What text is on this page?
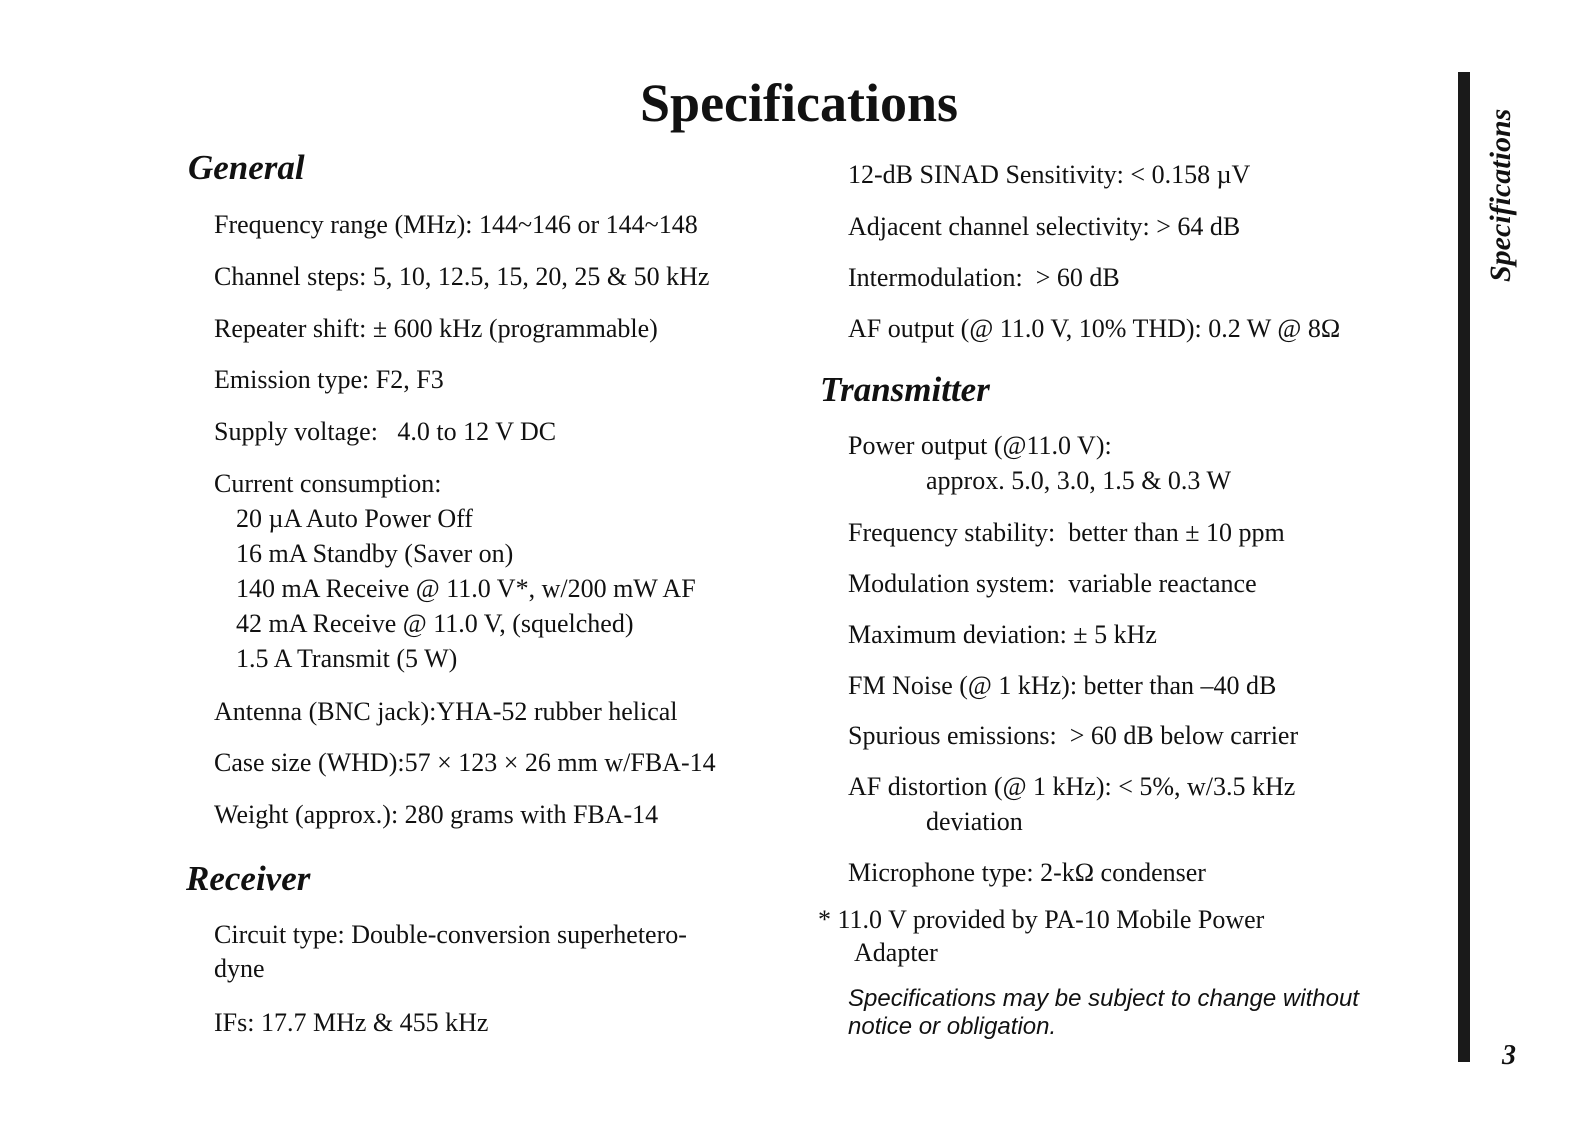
Specifications
General
Frequency range (MHz): 144~146 or 144~148
Channel steps: 5, 10, 12.5, 15, 20, 25 & 50 kHz
Repeater shift: ± 600 kHz (programmable)
Emission type: F2, F3
Supply voltage:   4.0 to 12 V DC
Current consumption:
20 µA Auto Power Off
16 mA Standby (Saver on)
140 mA Receive @ 11.0 V*, w/200 mW AF
42 mA Receive @ 11.0 V, (squelched)
1.5 A Transmit (5 W)
Antenna (BNC jack):YHA-52 rubber helical
Case size (WHD):57 × 123 × 26 mm w/FBA-14
Weight (approx.): 280 grams with FBA-14
Receiver
Circuit type: Double-conversion superhetero-
dyne
IFs: 17.7 MHz & 455 kHz
12-dB SINAD Sensitivity: < 0.158 µV
Adjacent channel selectivity: > 64 dB
Intermodulation:  > 60 dB
AF output (@ 11.0 V, 10% THD): 0.2 W @ 8Ω
Transmitter
Power output (@11.0 V):
approx. 5.0, 3.0, 1.5 & 0.3 W
Frequency stability:  better than ± 10 ppm
Modulation system:  variable reactance
Maximum deviation: ± 5 kHz
FM Noise (@ 1 kHz): better than –40 dB
Spurious emissions:  > 60 dB below carrier
AF distortion (@ 1 kHz): < 5%, w/3.5 kHz
deviation
Microphone type: 2-kΩ condenser
* 11.0 V provided by PA-10 Mobile Power
Adapter
Specifications may be subject to change without
notice or obligation.
Specifications
3
